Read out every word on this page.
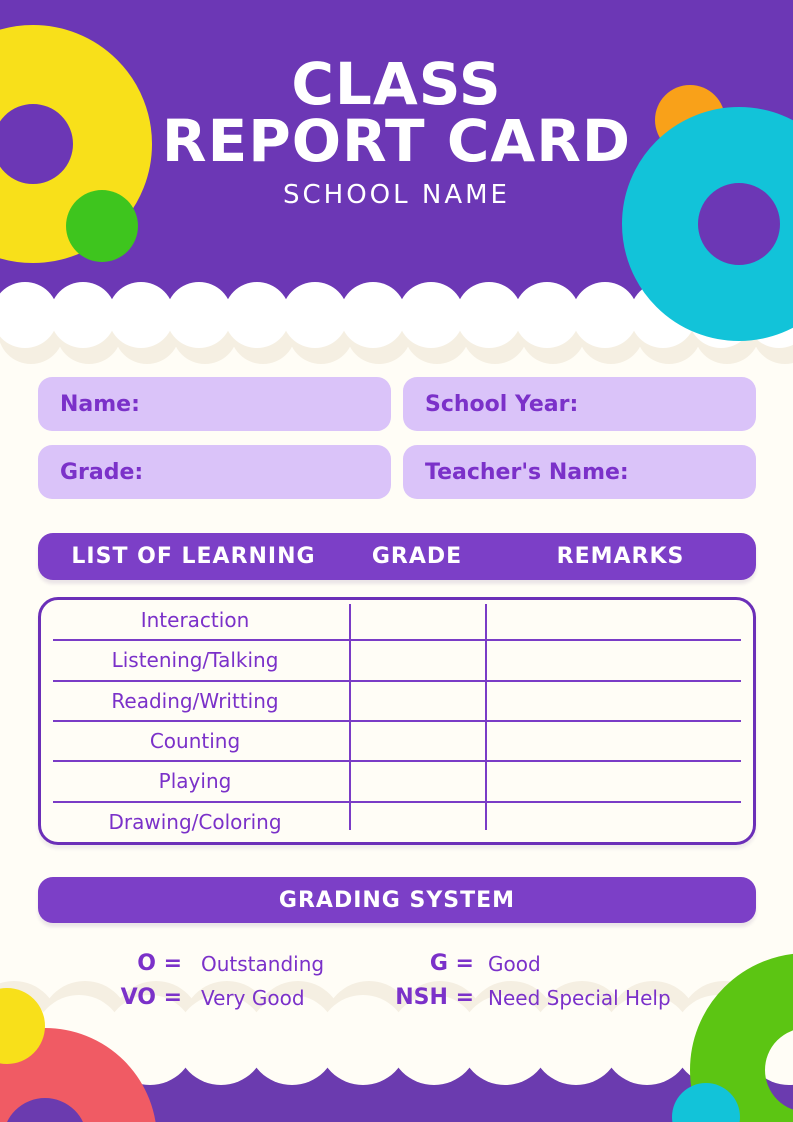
CLASS
REPORT CARD
SCHOOL NAME
Name:	School Year:
Grade:	Teacher's Name:
LIST OF LEARNING	GRADE	REMARKS
Interaction
Listening/Talking
Reading/Writting
Counting
Playing
Drawing/Coloring
GRADING SYSTEM
O = Outstanding	G = Good
VO = Very Good	NSH = Need Special Help
